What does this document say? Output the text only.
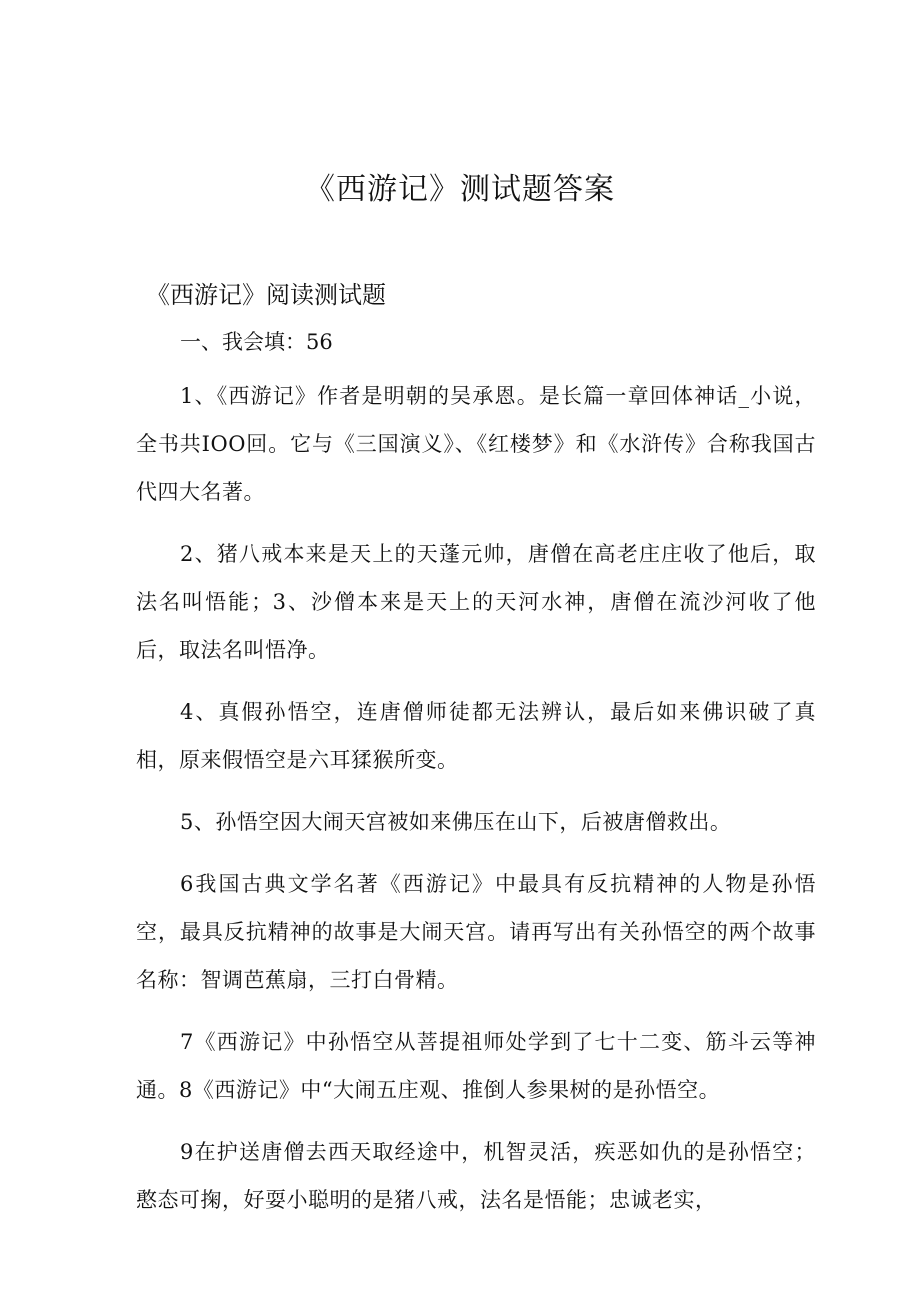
《西游记》测试题答案
《西游记》阅读测试题
一、我会填：56

1、《西游记》作者是明朝的吴承恩。是长篇一章回体神话_小说，全书共IOO回。它与《三国演义》、《红楼梦》和《水浒传》合称我国古代四大名著。

2、猪八戒本来是天上的天蓬元帅，唐僧在高老庄庄收了他后，取法名叫悟能；3、沙僧本来是天上的天河水神，唐僧在流沙河收了他后，取法名叫悟净。

4、真假孙悟空，连唐僧师徒都无法辨认，最后如来佛识破了真相，原来假悟空是六耳猱猴所变。

5、孙悟空因大闹天宫被如来佛压在山下，后被唐僧救出。

6我国古典文学名著《西游记》中最具有反抗精神的人物是孙悟空，最具反抗精神的故事是大闹天宫。请再写出有关孙悟空的两个故事名称：智调芭蕉扇，三打白骨精。

7《西游记》中孙悟空从菩提祖师处学到了七十二变、筋斗云等神通。8《西游记》中“大闹五庄观、推倒人参果树的是孙悟空。

9在护送唐僧去西天取经途中，机智灵活，疾恶如仇的是孙悟空；憨态可掬，好耍小聪明的是猪八戒，法名是悟能；忠诚老实，
